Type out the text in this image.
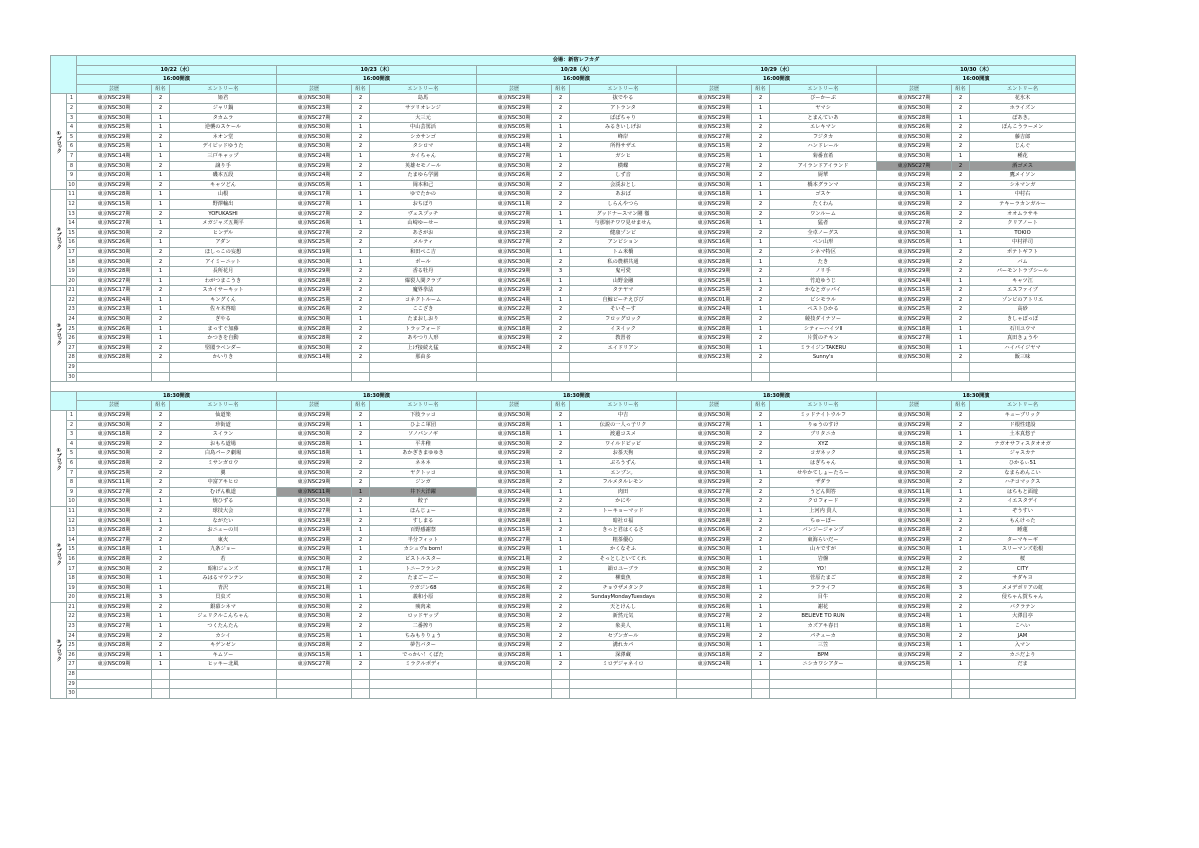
		会場：新宿レフカダ														
		10/22（水）			10/23（木）			10/28（火）			10/29（水）			10/30（木）		
		16:00開演			16:00開演			16:00開演			16:00開演			16:00開演		
		芸歴	組名	エントリー名	芸歴	組名	エントリー名	芸歴	組名	エントリー名	芸歴	組名	エントリー名	芸歴	組名	エントリー名
①ブロック	1	東京NSC29期	2	姫君	東京NSC30期	2	島馬	東京NSC29期	2	抜でやる	東京NSC29期	2	びーかーぶ	東京NSC27期	2	花氷木
	2	東京NSC30期	2	ジャリ鍋	東京NSC23期	2	サツリオレンジ	東京NSC29期	2	アトランタ	東京NSC29期	1	ヤマシ	東京NSC30期	2	ホライズン
	3	東京NSC30期	1	タカムラ	東京NSC27期	2	大三元	東京NSC30期	2	ぱぱちゃり	東京NSC29期	1	とまんていあ	東京NSC28期	1	ぼあき。
	4	東京NSC25期	1	逆襲のスケール	東京NSC30期	1	中山芸罵活	東京NSC05期	1	みるきいしげお	東京NSC23期	2	エレキマン	東京NSC26期	2	ぽんこうラーメン
	5	東京NSC29期	2	ネオン堂	東京NSC30期	2	シカサンゴ	東京NSC29期	1	峰岸	東京NSC27期	2	フジタカ	東京NSC30期	2	藤吉郎
	6	東京NSC25期	1	デイビッドゆうた	東京NSC30期	2	タシロマ	東京NSC14期	2	所得サザエ	東京NSC15期	2	ハンドレール	東京NSC29期	2	じんぐ
	7	東京NSC14期	1	三戸キャップ	東京NSC24期	1	カイちゃん	東京NSC27期	1	ガシヒ	東京NSC25期	1	菊番直希	東京NSC30期	1	種花
	8	東京NSC30期	2	譲り手	東京NSC29期	2	英雄セモノール	東京NSC30期	2	横蝶	東京NSC27期	2	アイランドアイランド	東京NSC27期	2	酒ゴメス
	9	東京NSC20期	1	磯本五段	東京NSC24期	2	たまゆら学園	東京NSC26期	2	しず音	東京NSC30期	2	厨華	東京NSC29期	2	鷹メイソン
	10	東京NSC29期	2	キャツどん	東京NSC05期	1	岡本和己	東京NSC30期	2	会渓おとし	東京NSC30期	1	橋本グランマ	東京NSC23期	2	シネマンガ
②ブロック	11	東京NSC28期	1	山根	東京NSC17期	1	ゆでたかの	東京NSC30期	2	あおば	東京NSC18期	1	ゴスケ	東京NSC30期	1	中村右
	12	東京NSC15期	1	野澤輸出	東京NSC27期	1	おちぼり	東京NSC11期	2	しらんやつら	東京NSC29期	2	たくわん	東京NSC29期	2	テキーラカンガルー
	13	東京NSC27期	2	YOFUKASHI	東京NSC27期	2	ヴェスプッチ	東京NSC27期	1	グッドナースマン剛 徹	東京NSC30期	2	ワンルーム	東京NSC26期	2	オオムラサキ
	14	東京NSC27期	1	メガジャズ五期平	東京NSC26期	1	山崎ゆーせー	東京NSC29期	1	与那嶺チワワ見せません	東京NSC26期	1	猛者	東京NSC27期	2	クリアノート
	15	東京NSC30期	2	ヒンデル	東京NSC27期	2	あさがお	東京NSC23期	2	健康ゾンビ	東京NSC29期	2	全卓ノーグス	東京NSC30期	1	TOKIO
	16	東京NSC26期	1	アダン	東京NSC25期	2	メルティ	東京NSC27期	2	アンビション	東京NSC16期	1	ペン山形	東京NSC05期	1	中村祥司
	17	東京NSC30期	2	ほしっこの妄想	東京NSC19期	1	和田ぺこ吉	東京NSC30期	1	トム米橋	東京NSC30期	2	シネマ特区	東京NSC29期	2	ポテトギフト
	18	東京NSC30期	2	アイミーニット	東京NSC30期	1	ボール	東京NSC30期	2	私の農耕共通	東京NSC28期	1	たき	東京NSC29期	2	バム
	19	東京NSC28期	1	長所花月	東京NSC29期	2	香る牡丹	東京NSC29期	3	鬼可愛	東京NSC29期	2	ノリ手	東京NSC29期	2	パーモントラブシール
	20	東京NSC27期	1	わがつまこうき	東京NSC28期	2	爆裂人間クラブ	東京NSC26期	1	山野金融	東京NSC25期	1	竹迫ゆうじ	東京NSC24期	1	キャツ江
③ブロック	21	東京NSC17期	2	スカイサーキット	東京NSC29期	2	魔界拳法	東京NSC29期	2	タテヤマ	東京NSC25期	2	かなとガッパイ	東京NSC15期	2	エスファイブ
	22	東京NSC24期	1	キングくん	東京NSC25期	2	コネクトルーム	東京NSC24期	1	自鯨ビーチえびび	東京NSC01期	2	ビシモラル	東京NSC29期	2	ゾンビのアトリエ
	23	東京NSC23期	1	佐々木啓暗	東京NSC26期	2	ここざき	東京NSC22期	2	そいそーす	東京NSC24期	1	ペストひかる	東京NSC25期	2	高砂
	24	東京NSC30期	2	ぎやる	東京NSC30期	1	たまおしおり	東京NSC25期	2	フロッグロック	東京NSC28期	2	競技ダイナソー	東京NSC29期	2	きしゃぼっぽ
	25	東京NSC26期	1	まっすぐ加藤	東京NSC28期	2	トラッフォード	東京NSC18期	2	イヌイック	東京NSC28期	1	シティーハイツⅡ	東京NSC18期	1	石川ユウマ
	26	東京NSC29期	1	かつきを自動	東京NSC28期	2	あやつり人形	東京NSC29期	2	教習者	東京NSC29期	2	片質のチキン	東京NSC27期	1	真田きょうや
	27	東京NSC29期	2	堅閣ラベンダー	東京NSC30期	2	上げ接続え猛	東京NSC24期	2	エイドリアン	東京NSC30期	1	ミライジンTAKERU	東京NSC30期	1	ハイパイジヤマ
	28	東京NSC28期	2	かいりき	東京NSC14期	2	那由多				東京NSC23期	2	Sunny's	東京NSC30期	2	飯三味
	29															
	30															

		18:30開演			18:30開演			18:30開演			18:30開演			18:30開演		
		芸歴	組名	エントリー名	芸歴	組名	エントリー名	芸歴	組名	エントリー名	芸歴	組名	エントリー名	芸歴	組名	エントリー名
①ブロック	1	東京NSC29期	2	仙道楽	東京NSC29期	2	下肢ラッコ	東京NSC30期	2	中吉	東京NSC30期	2	ミッドナイトウルフ	東京NSC30期	2	キューブリック
	2	東京NSC30期	2	珍街道	東京NSC29期	1	ひよこ軍団	東京NSC28期	1	伝説の一人っ子リク	東京NSC27期	1	りゅうのすけ	東京NSC29期	2	ド根性建設
	3	東京NSC18期	2	スイラン	東京NSC30期	2	ソノパンノギ	東京NSC18期	1	渡邊コスメ	東京NSC30期	2	ブリタニカ	東京NSC29期	1	土本真悠子
	4	東京NSC29期	2	おもち道場	東京NSC28期	1	平井稚	東京NSC30期	2	ワイルドピッピ	東京NSC29期	2	XYZ	東京NSC18期	2	ナガオサフィスタオオガ
	5	東京NSC30期	2	白鳥パーク劇場	東京NSC18期	1	あかぎきまゆゆき	東京NSC29期	2	お茶天狗	東京NSC29期	2	コガネック	東京NSC25期	1	ジャスカナ
	6	東京NSC28期	2	ミサンガロウ	東京NSC29期	2	ネネネ	東京NSC23期	1	ぶろうずん	東京NSC14期	1	はぎちゃん	東京NSC30期	1	ひかるぃ51
	7	東京NSC25期	2	翼	東京NSC30期	2	ヤクトッコ	東京NSC30期	1	エンブン。	東京NSC30期	1	せやかてしょーたろー	東京NSC30期	2	なまらめんこい
	8	東京NSC11期	2	中富アキヒロ	東京NSC29期	2	ジンガ	東京NSC28期	2	フルメタルレモン	東京NSC29期	2	ザダラ	東京NSC30期	2	ハチコマックス
	9	東京NSC27期	2	むげん軌道	東京NSC11期	1	井下大洋躍	東京NSC24期	1	肉田	東京NSC27期	2	うどん問答	東京NSC11期	1	はちもと面遊
	10	東京NSC30期	1	焼ひずる	東京NSC30期	2	餃子	東京NSC29期	2	かにや	東京NSC30期	2	クロフォード	東京NSC29期	2	イエスタデイ
②ブロック	11	東京NSC30期	2	球技大会	東京NSC27期	1	ほんじょー	東京NSC28期	2	トーキョーマッド	東京NSC20期	1	上河内 貴人	東京NSC30期	1	ぞうすい
	12	東京NSC30期	1	ながたい	東京NSC23期	2	すしまる	東京NSC28期	1	暗社ロ福	東京NSC28期	2	ちゅーぽー	東京NSC30期	2	もんけった
	13	東京NSC28期	2	おニューの川	東京NSC29期	1	百野感謝祭	東京NSC15期	2	きっと君はくるさ	東京NSC06期	2	バンジージャンプ	東京NSC28期	2	睡蓮
	14	東京NSC27期	2	東火	東京NSC29期	2	半分フィット	東京NSC27期	1	粗茶優心	東京NSC29期	2	東海らいだー	東京NSC29期	2	ターマキーギ
	15	東京NSC18期	1	九条ジョー	東京NSC29期	1	カシュヴs born!	東京NSC29期	1	かくなそふ	東京NSC30期	1	山々ですが	東京NSC30期	1	スリーマンズ松根
	16	東京NSC28期	2	若	東京NSC30期	2	ピストルスター	東京NSC21期	2	そっとしといてくれ	東京NSC30期	1	岩盤	東京NSC29期	2	桜
	17	東京NSC30期	2	昭和ジェンズ	東京NSC17期	1	トニーフランク	東京NSC29期	1	韻ロユーブラ	東京NSC30期	2	YO！	東京NSC12期	2	CITY
	18	東京NSC30期	1	みはるマウンテン	東京NSC30期	2	たまごーごー	東京NSC30期	2	柳葉魚	東京NSC28期	1	菅原たまご	東京NSC28期	2	サダキヨ
	19	東京NSC30期	1	青沢	東京NSC21期	1	ウガジン68	東京NSC26期	2	チョウザメタンク	東京NSC28期	1	ラフライフ	東京NSC26期	3	メメデボリアの虹
	20	東京NSC21期	3	貝虫ズ	東京NSC30期	1	義和小原	東京NSC28期	2	SundayMondayTuesdays	東京NSC30期	2	目牛	東京NSC20期	2	侵ちゃん賀ちゃん
③ブロック	21	東京NSC29期	2	銀幕シネマ	東京NSC30期	2	痩肉来	東京NSC29期	2	天とけんし	東京NSC26期	1	謝花	東京NSC29期	2	バクラテン
	22	東京NSC23期	1	ジェリクルこんちゃん	東京NSC30期	2	ロッドヤップ	東京NSC30期	2	新然元気	東京NSC27期	2	BELIEVE TO RUN	東京NSC24期	1	大澤昌亭
	23	東京NSC27期	1	つくたんたん	東京NSC29期	2	二番搾り	東京NSC25期	2	象美人	東京NSC11期	1	カズアキ春日	東京NSC18期	1	こへい
	24	東京NSC29期	2	カシイ	東京NSC25期	1	ちみもりりょう	東京NSC30期	2	セブンガール	東京NSC29期	2	パチューカ	東京NSC30期	2	JAM
	25	東京NSC28期	2	キゲンゼン	東京NSC28期	2	夢告バター	東京NSC29期	2	溝れカパ	東京NSC30期	1	三笠	東京NSC23期	1	入マン
	26	東京NSC29期	1	キムソー	東京NSC15期	1	でっかい！くぼた	東京NSC28期	1	深澤蔵	東京NSC18期	2	BPM	東京NSC29期	2	カニだより
	27	東京NSC09期	1	ヒッキー北風	東京NSC27期	2	ミラクルボディ	東京NSC20期	2	ミロデジャネイロ	東京NSC24期	1	ニシカワシアター	東京NSC25期	1	だま
	28															
	29															
	30															
